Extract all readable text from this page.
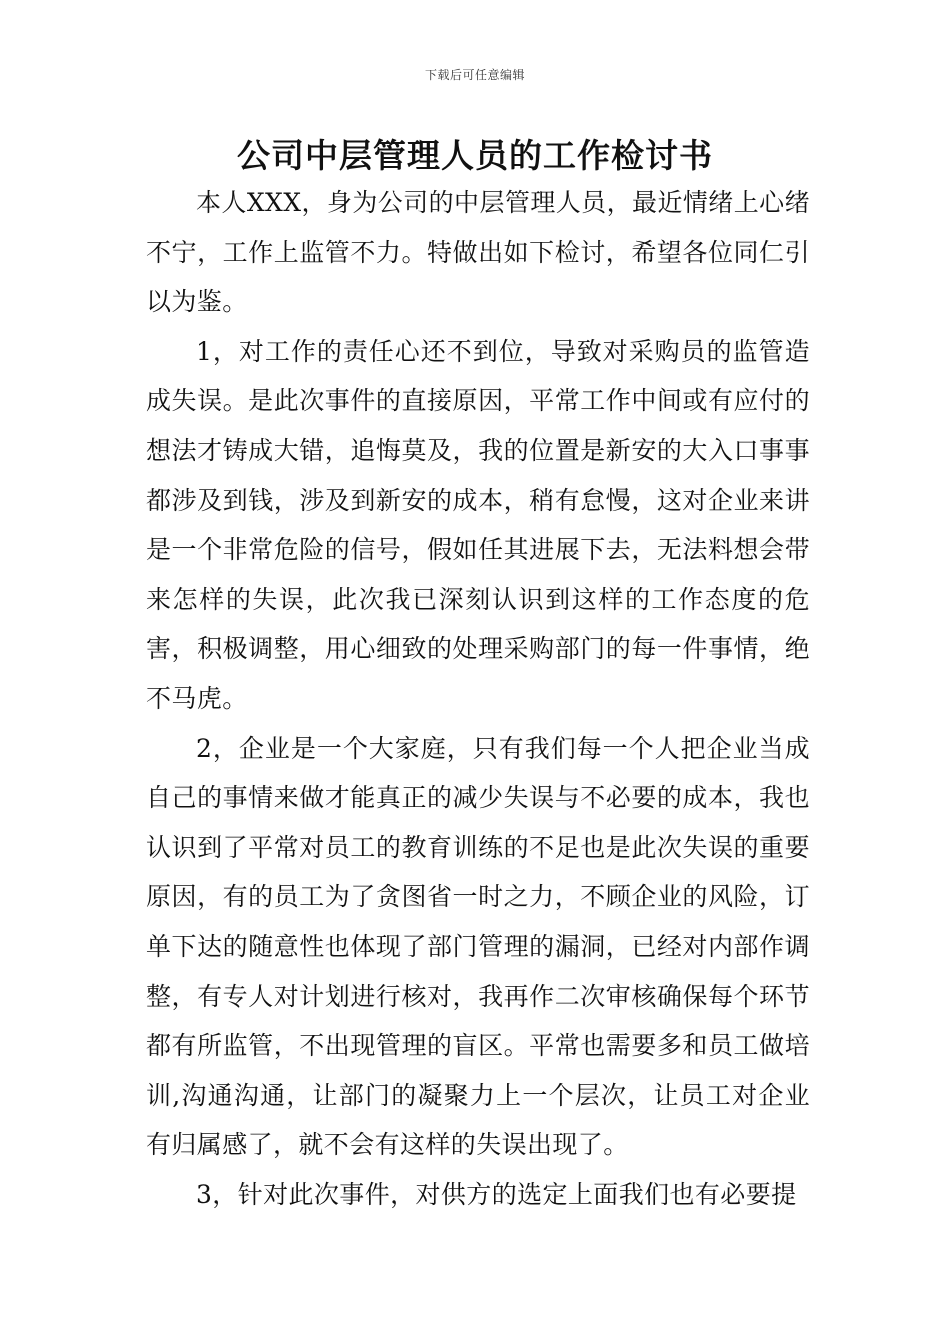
下载后可任意编辑
公司中层管理人员的工作检讨书

本人XXX，身为公司的中层管理人员，最近情绪上心绪不宁，工作上监管不力。特做出如下检讨，希望各位同仁引以为鉴。

1，对工作的责任心还不到位，导致对采购员的监管造成失误。是此次事件的直接原因，平常工作中间或有应付的想法才铸成大错，追悔莫及，我的位置是新安的大入口事事都涉及到钱，涉及到新安的成本，稍有怠慢，这对企业来讲是一个非常危险的信号，假如任其进展下去，无法料想会带来怎样的失误，此次我已深刻认识到这样的工作态度的危害，积极调整，用心细致的处理采购部门的每一件事情，绝不马虎。

2，企业是一个大家庭，只有我们每一个人把企业当成自己的事情来做才能真正的减少失误与不必要的成本，我也认识到了平常对员工的教育训练的不足也是此次失误的重要原因，有的员工为了贪图省一时之力，不顾企业的风险，订单下达的随意性也体现了部门管理的漏洞，已经对内部作调整，有专人对计划进行核对，我再作二次审核确保每个环节都有所监管，不出现管理的盲区。平常也需要多和员工做培训,沟通沟通，让部门的凝聚力上一个层次，让员工对企业有归属感了，就不会有这样的失误出现了。

3，针对此次事件，对供方的选定上面我们也有必要提
